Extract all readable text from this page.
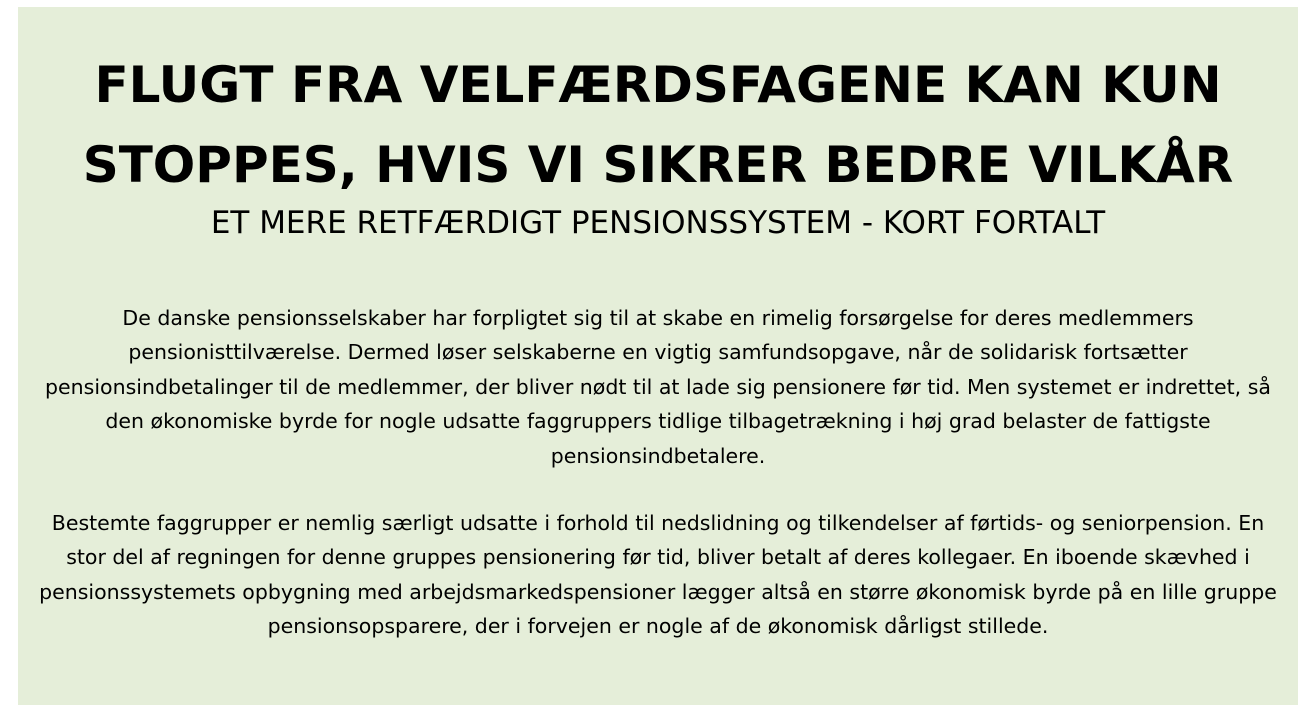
FLUGT FRA VELFÆRDSFAGENE KAN KUN STOPPES, HVIS VI SIKRER BEDRE VILKÅR
ET MERE RETFÆRDIGT PENSIONSSYSTEM - KORT FORTALT

De danske pensionsselskaber har forpligtet sig til at skabe en rimelig forsørgelse for deres medlemmers pensionisttilværelse. Dermed løser selskaberne en vigtig samfundsopgave, når de solidarisk fortsætter pensionsindbetalinger til de medlemmer, der bliver nødt til at lade sig pensionere før tid. Men systemet er indrettet, så den økonomiske byrde for nogle udsatte faggruppers tidlige tilbagetrækning i høj grad belaster de fattigste pensionsindbetalere.

Bestemte faggrupper er nemlig særligt udsatte i forhold til nedslidning og tilkendelser af førtids- og seniorpension. En stor del af regningen for denne gruppes pensionering før tid, bliver betalt af deres kollegaer. En iboende skævhed i pensionssystemets opbygning med arbejdsmarkedspensioner lægger altså en større økonomisk byrde på en lille gruppe pensionsopsparere, der i forvejen er nogle af de økonomisk dårligst stillede.
